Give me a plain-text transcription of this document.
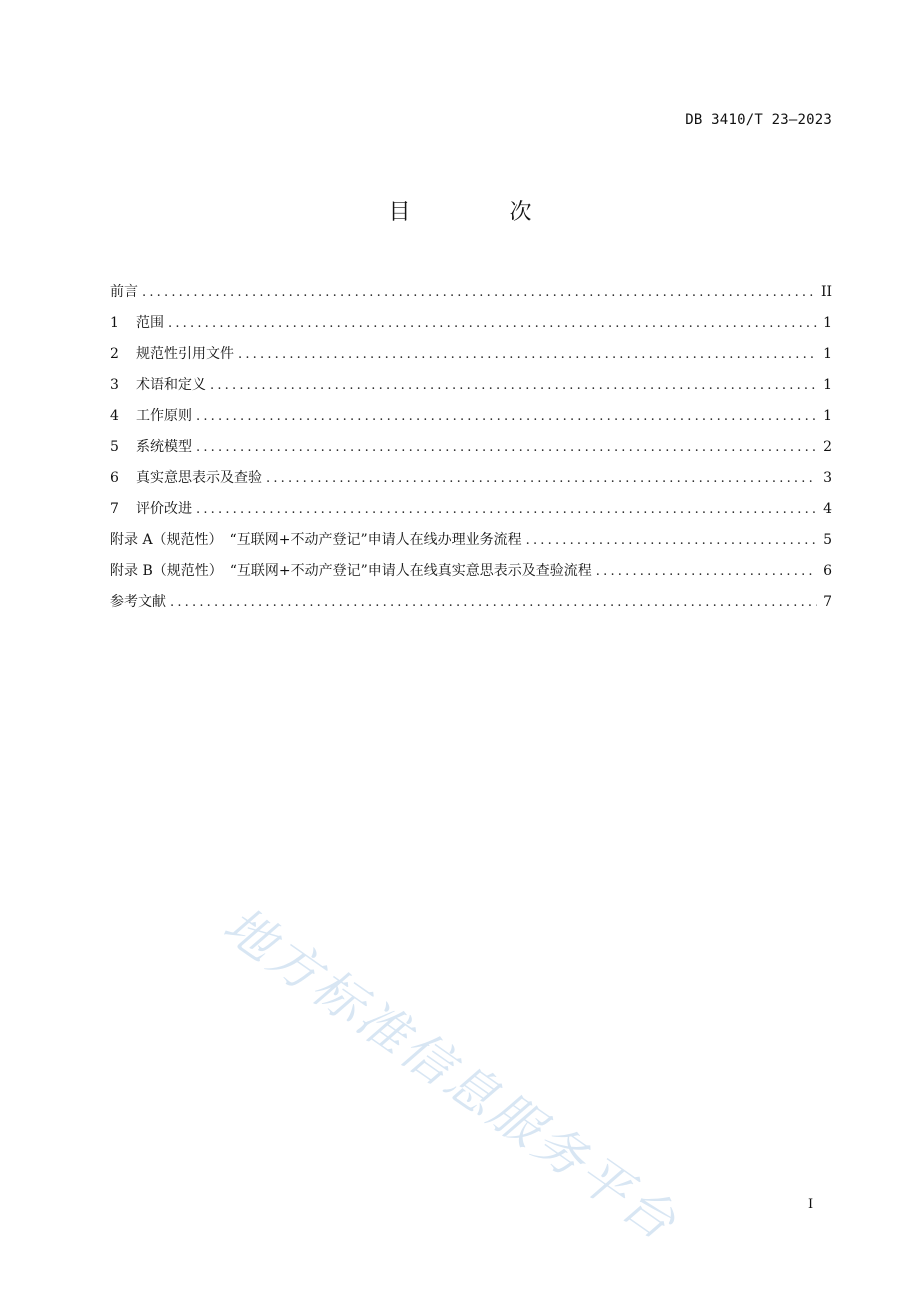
DB 3410/T 23—2023
目 次
前言 .....	II
1	范围 .....	1
2	规范性引用文件 .....	1
3	术语和定义 .....	1
4	工作原则 .....	1
5	系统模型 .....	2
6	真实意思表示及查验 .....	3
7	评价改进 .....	4
附录 A（规范性）　“互联网+不动产登记”申请人在线办理业务流程 .....	5
附录 B（规范性）　“互联网+不动产登记”申请人在线真实意思表示及查验流程 .....	6
参考文献 .....	7
地方标准信息服务平台	I
